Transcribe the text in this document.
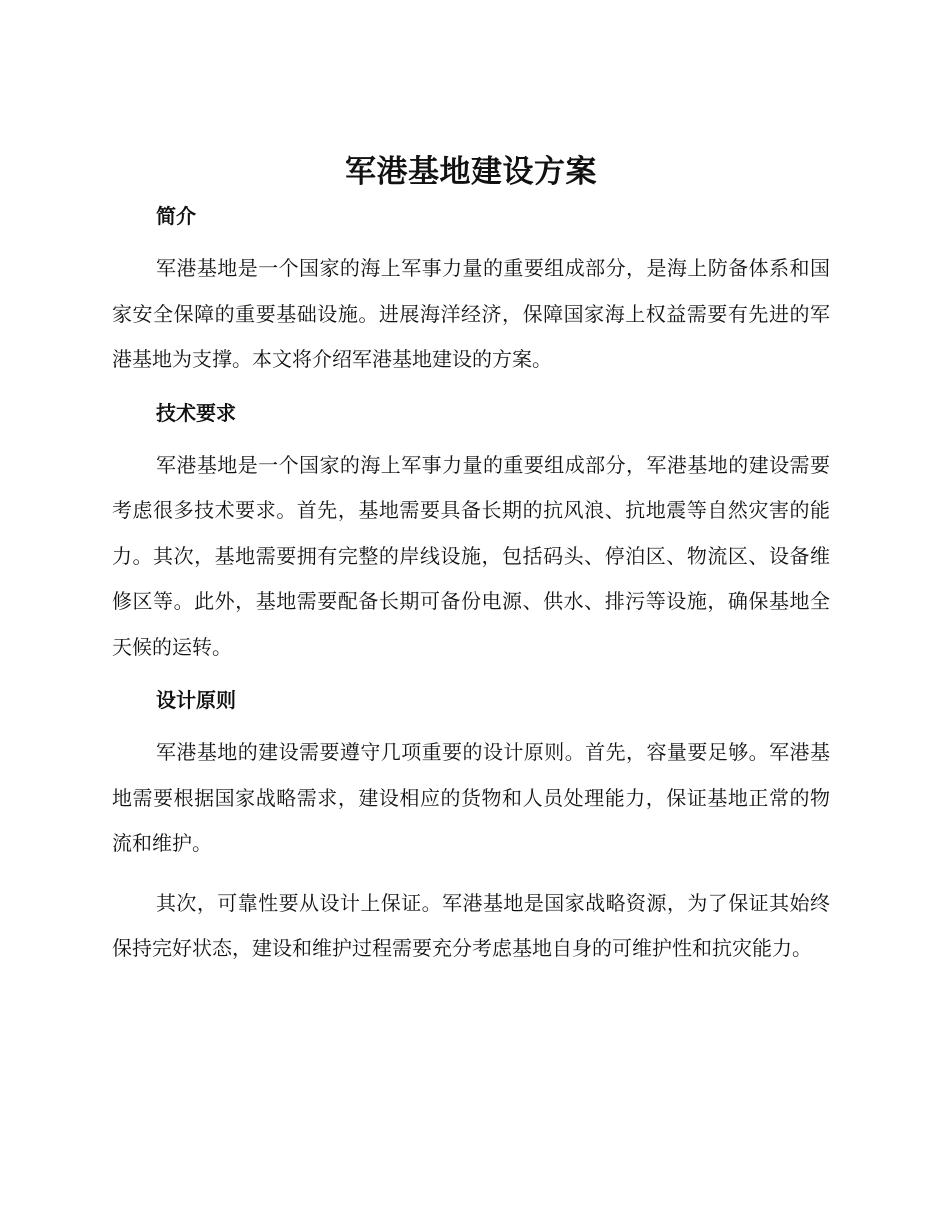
军港基地建设方案
简介

军港基地是一个国家的海上军事力量的重要组成部分，是海上防备体系和国家安全保障的重要基础设施。进展海洋经济，保障国家海上权益需要有先进的军港基地为支撑。本文将介绍军港基地建设的方案。

技术要求

军港基地是一个国家的海上军事力量的重要组成部分，军港基地的建设需要考虑很多技术要求。首先，基地需要具备长期的抗风浪、抗地震等自然灾害的能力。其次，基地需要拥有完整的岸线设施，包括码头、停泊区、物流区、设备维修区等。此外，基地需要配备长期可备份电源、供水、排污等设施，确保基地全天候的运转。

设计原则

军港基地的建设需要遵守几项重要的设计原则。首先，容量要足够。军港基地需要根据国家战略需求，建设相应的货物和人员处理能力，保证基地正常的物流和维护。

其次，可靠性要从设计上保证。军港基地是国家战略资源，为了保证其始终保持完好状态，建设和维护过程需要充分考虑基地自身的可维护性和抗灾能力。
